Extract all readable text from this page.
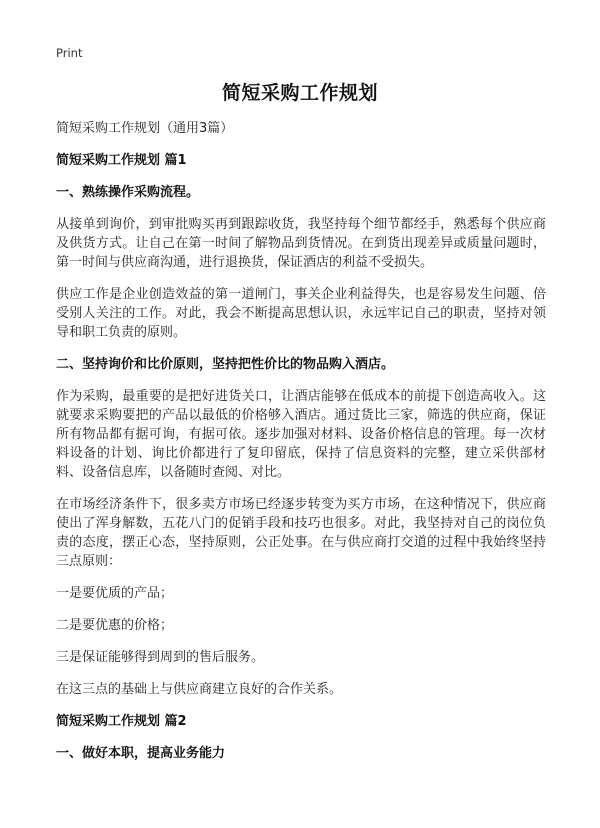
Print
简短采购工作规划

简短采购工作规划（通用3篇）

简短采购工作规划 篇1

一、熟练操作采购流程。

从接单到询价，到审批购买再到跟踪收货，我坚持每个细节都经手，熟悉每个供应商及供货方式。让自己在第一时间了解物品到货情况。在到货出现差异或质量问题时，第一时间与供应商沟通，进行退换货，保证酒店的利益不受损失。

供应工作是企业创造效益的第一道闸门，事关企业利益得失，也是容易发生问题、倍受别人关注的工作。对此，我会不断提高思想认识，永远牢记自己的职责，坚持对领导和职工负责的原则。

二、坚持询价和比价原则，坚持把性价比的物品购入酒店。

作为采购，最重要的是把好进货关口，让酒店能够在低成本的前提下创造高收入。这就要求采购要把的产品以最低的价格够入酒店。通过货比三家，筛选的供应商，保证所有物品都有据可询，有据可依。逐步加强对材料、设备价格信息的管理。每一次材料设备的计划、询比价都进行了复印留底，保持了信息资料的完整，建立采供部材料、设备信息库，以备随时查阅、对比。

在市场经济条件下，很多卖方市场已经逐步转变为买方市场，在这种情况下，供应商使出了浑身解数，五花八门的促销手段和技巧也很多。对此，我坚持对自己的岗位负责的态度，摆正心态，坚持原则，公正处事。在与供应商打交道的过程中我始终坚持三点原则：

一是要优质的产品；

二是要优惠的价格；

三是保证能够得到周到的售后服务。

在这三点的基础上与供应商建立良好的合作关系。

简短采购工作规划 篇2

一、做好本职，提高业务能力
